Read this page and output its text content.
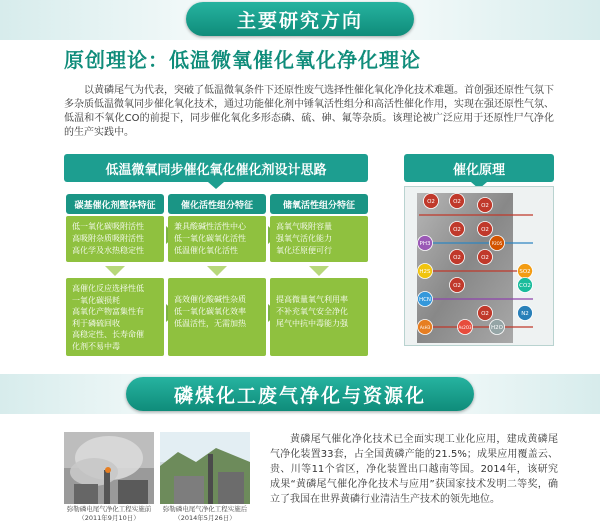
主要研究方向
原创理论：低温微氧催化氧化净化理论

以黄磷尾气为代表，突破了低温微氧条件下还原性废气选择性催化氧化净化技术难题。首创强还原性气氛下多杂质低温微氧同步催化氧化技术，通过功能催化剂中锤氧活性组分和高活性催化作用，实现在强还原性气氛、低温和不氧化CO的前提下，同步催化氧化多形态磷、硫、砷、氟等杂质。该理论被广泛应用于还原性尸气净化的生产实践中。

低温微氧同步催化氧化催化剂设计思路
碳基催化剂整体特征
低一氧化碳吸附活性
高吸附杂质吸附活性
高化学及水热稳定性
高催化反应选择性低
一氧化碳损耗
高氧化产物富集性有
利于磷硫回收
高稳定性、长寿命催
化剂不易中毒
催化活性组分特征
兼具酸碱性活性中心
低一氧化碳氧化活性
低温催化氧化活性
高效催化酸碱性杂质
低一氧化碳氧化效率
低温活性，无需加热
储氧活性组分特征
高氧气吸附容量
强氧气活化能力
氧化还原便可行
提高微量氧气利用率
不补充氧气安全净化
尾气中抗中毒能力强
催化原理
O2	O2
O2
O2	O2
O2	O2
O2
O2
PH3
H2S
HCN
AsH3
P2O5
SO2
CO2
N2
H2O
As2O3
磷煤化工废气净化与资源化
弥勒磷电尾气净化工程实施前（2011年9月10日）
弥勒磷电尾气净化工程实施后（2014年5月26日）

黄磷尾气催化净化技术已全面实现工业化应用，建成黄磷尾气净化装置33套，占全国黄磷产能的21.5%；成果应用覆盖云、贵、川等11个省区，净化装置出口越南等国。2014年，该研究成果“黄磷尾气催化净化技术与应用”获国家技术发明二等奖，确立了我国在世界黄磷行业清洁生产技术的领先地位。
